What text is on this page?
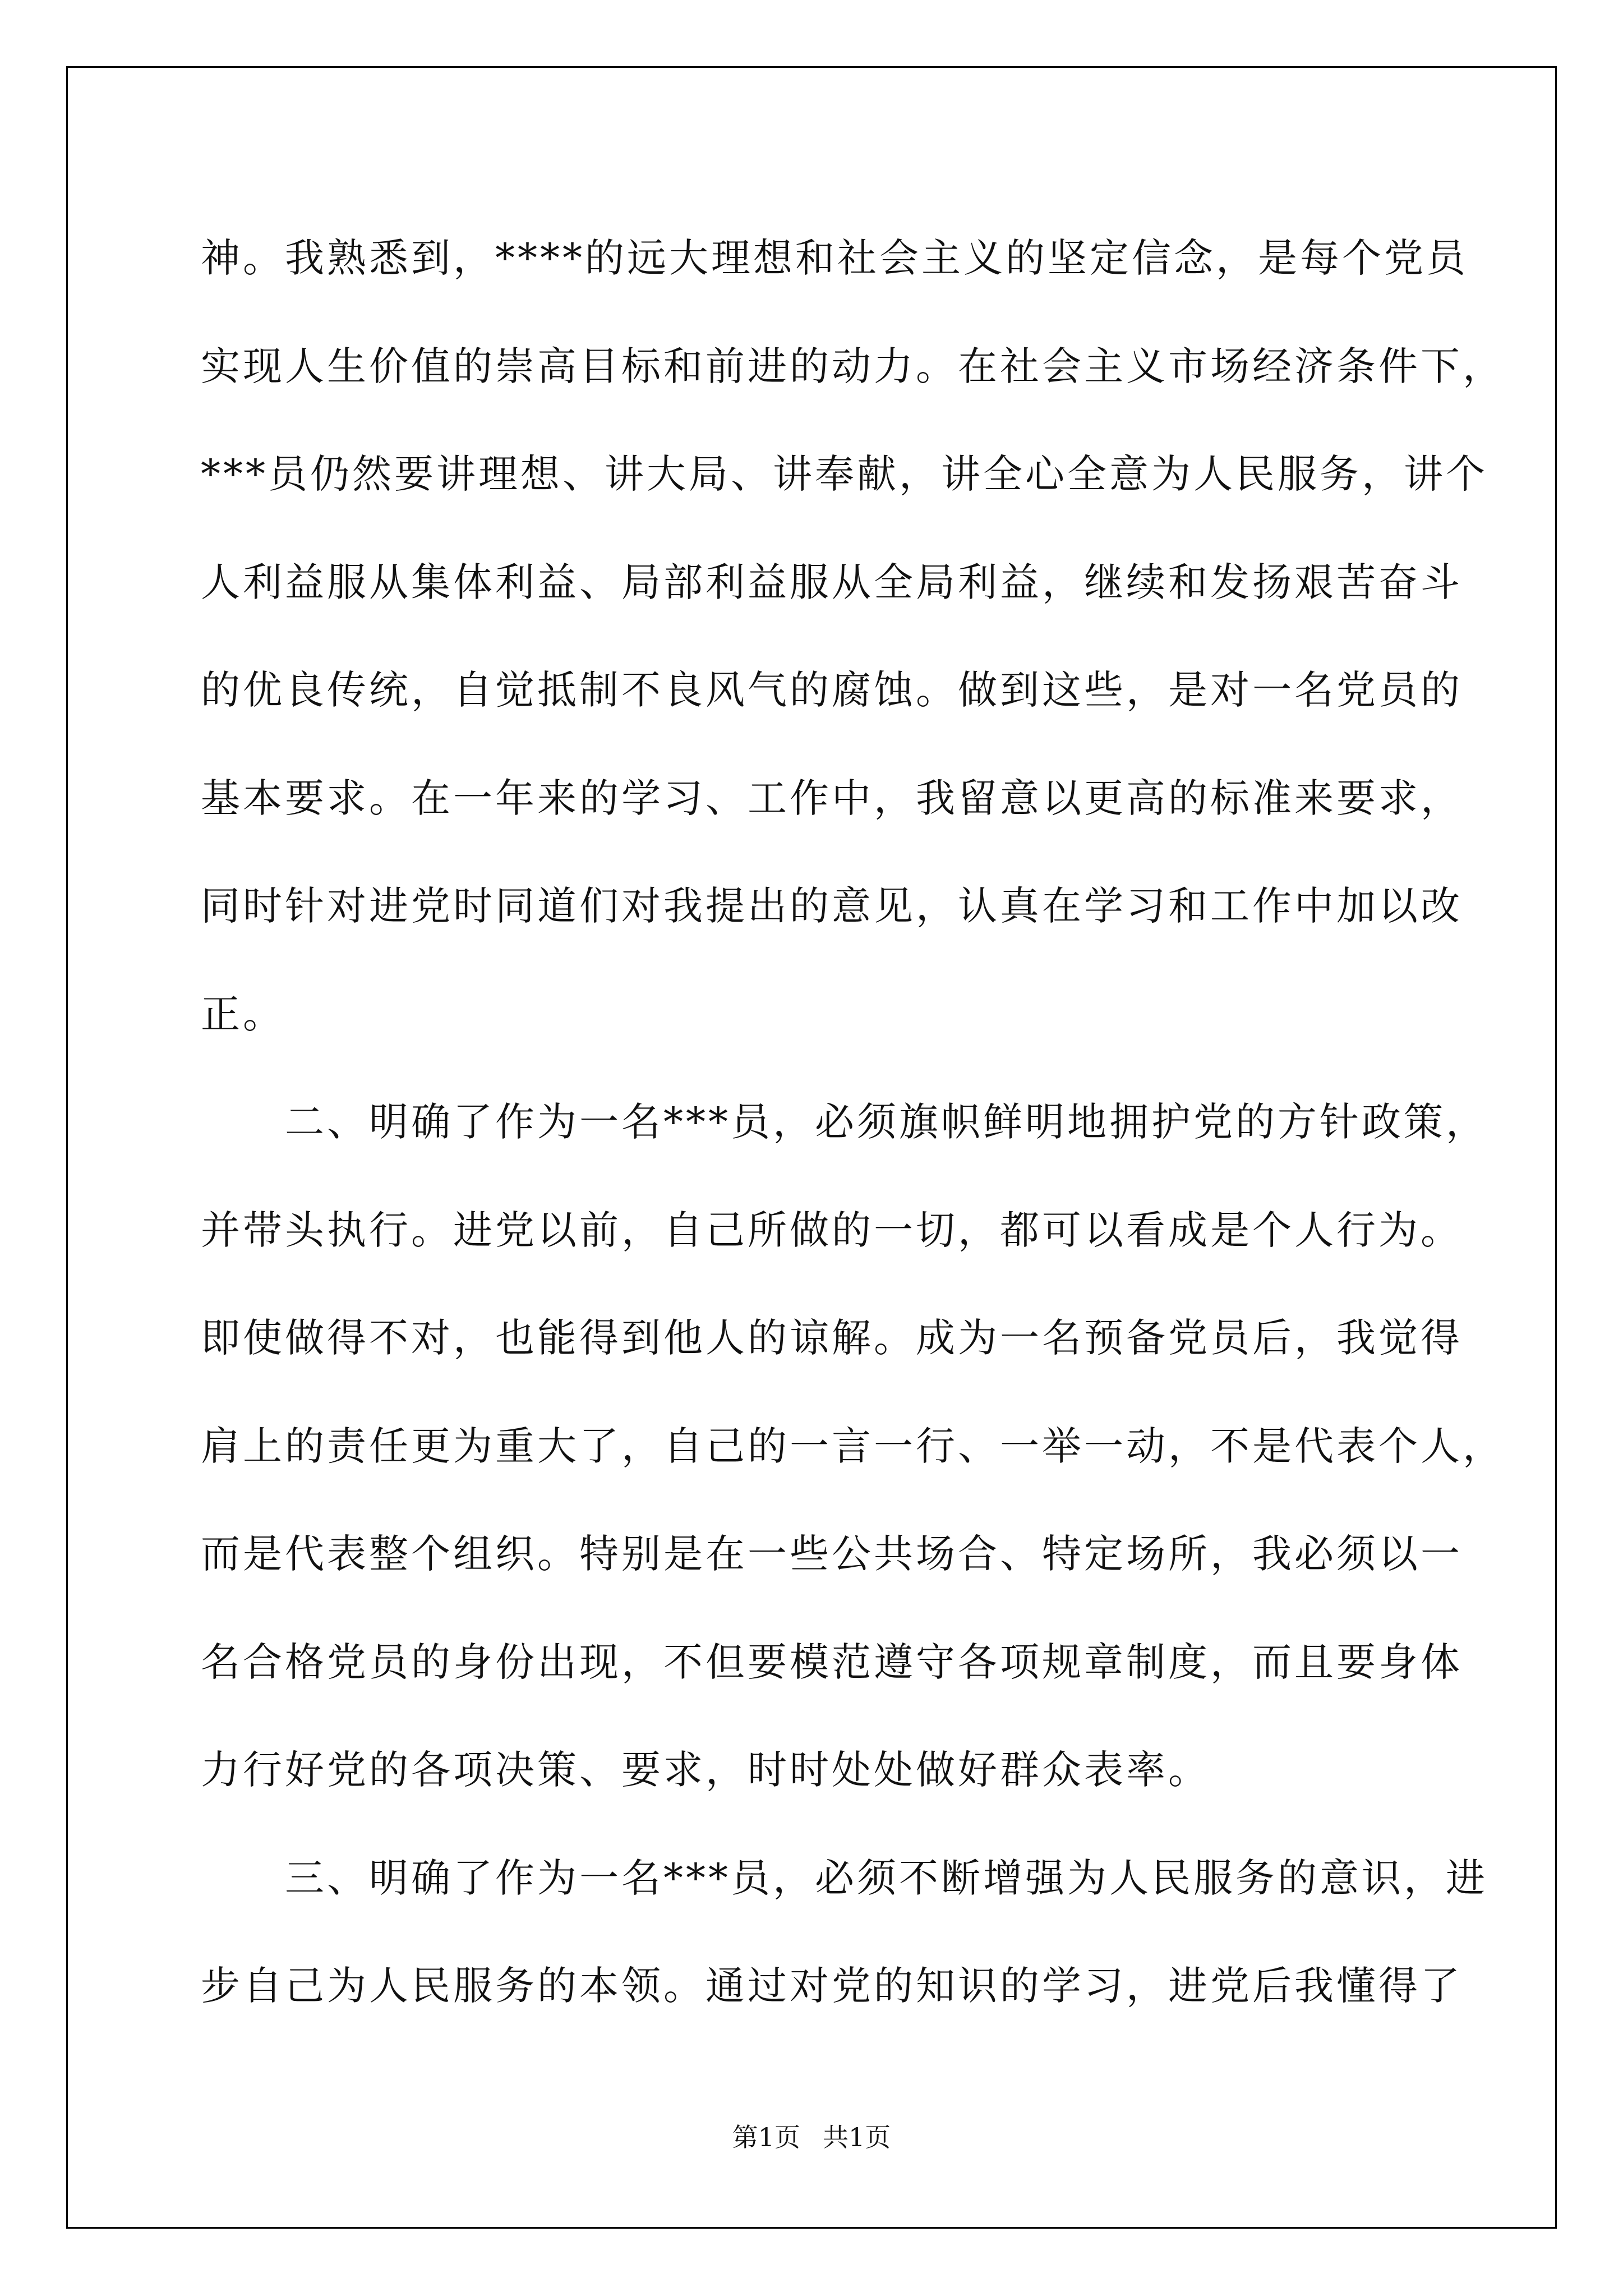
神。我熟悉到，****的远大理想和社会主义的坚定信念，是每个党员
实现人生价值的崇高目标和前进的动力。在社会主义市场经济条件下，
***员仍然要讲理想、讲大局、讲奉献，讲全心全意为人民服务，讲个
人利益服从集体利益、局部利益服从全局利益，继续和发扬艰苦奋斗
的优良传统，自觉抵制不良风气的腐蚀。做到这些，是对一名党员的
基本要求。在一年来的学习、工作中，我留意以更高的标准来要求，
同时针对进党时同道们对我提出的意见，认真在学习和工作中加以改
正。
　　二、明确了作为一名***员，必须旗帜鲜明地拥护党的方针政策，
并带头执行。进党以前，自己所做的一切，都可以看成是个人行为。
即使做得不对，也能得到他人的谅解。成为一名预备党员后，我觉得
肩上的责任更为重大了，自己的一言一行、一举一动，不是代表个人，
而是代表整个组织。特别是在一些公共场合、特定场所，我必须以一
名合格党员的身份出现，不但要模范遵守各项规章制度，而且要身体
力行好党的各项决策、要求，时时处处做好群众表率。
　　三、明确了作为一名***员，必须不断增强为人民服务的意识，进
步自己为人民服务的本领。通过对党的知识的学习，进党后我懂得了
第1页 共1页
